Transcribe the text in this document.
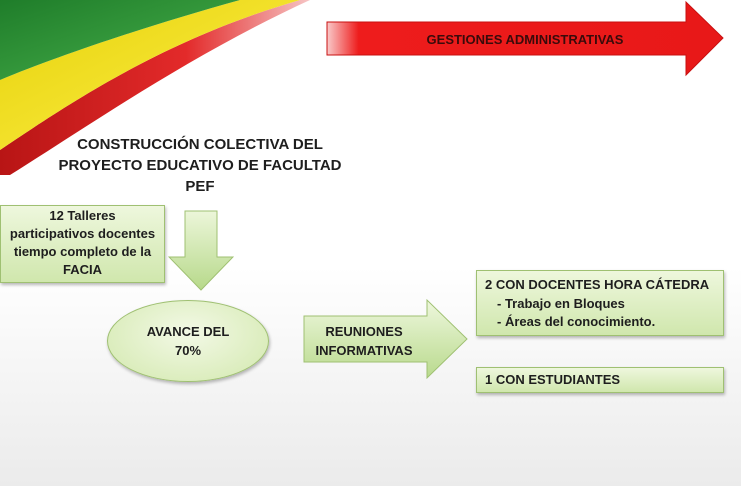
GESTIONES ADMINISTRATIVAS
CONSTRUCCIÓN COLECTIVA DEL
PROYECTO EDUCATIVO DE FACULTAD
PEF
12 Talleres
participativos docentes
tiempo completo de la
FACIA
AVANCE DEL
70%
REUNIONES
INFORMATIVAS
2 CON DOCENTES HORA CÁTEDRA
- Trabajo en Bloques
- Áreas del conocimiento.
1 CON ESTUDIANTES
